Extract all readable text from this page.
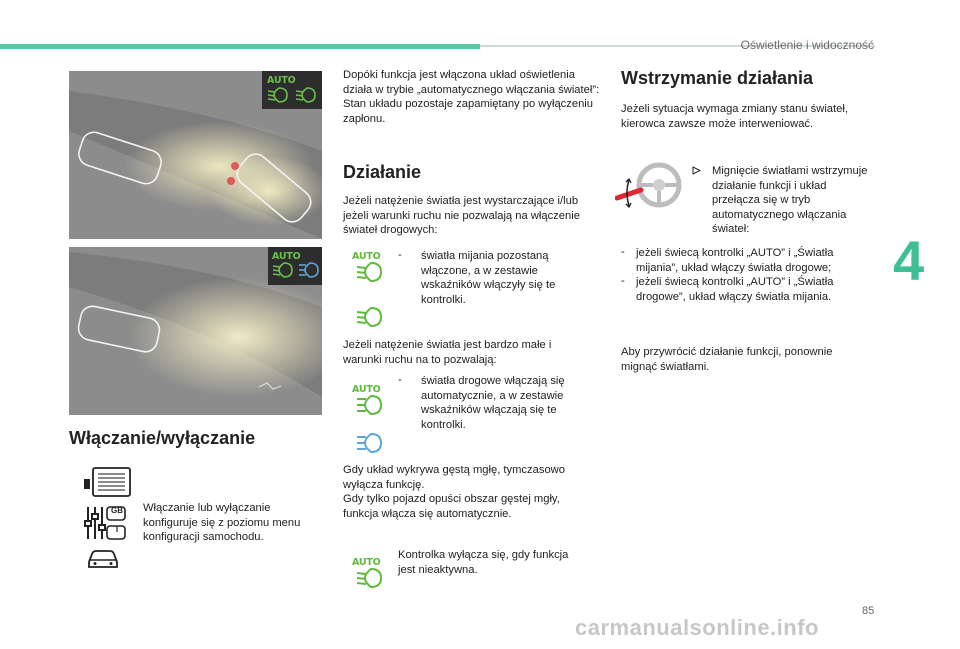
Oświetlenie i widoczność
4
85
carmanualsonline.info
AUTO
AUTO
Włączanie/wyłączanie
GB
I
Włączanie lub wyłączanie konfiguruje się z poziomu menu konfiguracji samochodu.
Dopóki funkcja jest włączona układ oświetlenia działa w trybie „automatycznego włączania świateł”:
Stan układu pozostaje zapamiętany po wyłączeniu zapłonu.
Działanie
Jeżeli natężenie światła jest wystarczające i/lub jeżeli warunki ruchu nie pozwalają na włączenie świateł drogowych:
AUTO - światła mijania pozostaną włączone, a w zestawie wskaźników włączyły się te kontrolki.
Jeżeli natężenie światła jest bardzo małe i warunki ruchu na to pozwalają:
AUTO
- światła drogowe włączają się automatycznie, a w zestawie wskaźników włączają się te kontrolki.
Gdy układ wykrywa gęstą mgłę, tymczasowo wyłącza funkcję.
Gdy tylko pojazd opuści obszar gęstej mgły, funkcja włącza się automatycznie.
AUTO
Kontrolka wyłącza się, gdy funkcja jest nieaktywna.
Wstrzymanie działania
Jeżeli sytuacja wymaga zmiany stanu świateł, kierowca zawsze może interweniować.
Mignięcie światłami wstrzymuje działanie funkcji i układ przełącza się w tryb automatycznego włączania świateł:
- jeżeli świecą kontrolki „AUTO” i „Światła mijania”, układ włączy światła drogowe;
- jeżeli świecą kontrolki „AUTO” i „Światła drogowe”, układ włączy światła mijania.
Aby przywrócić działanie funkcji, ponownie mignąć światłami.
